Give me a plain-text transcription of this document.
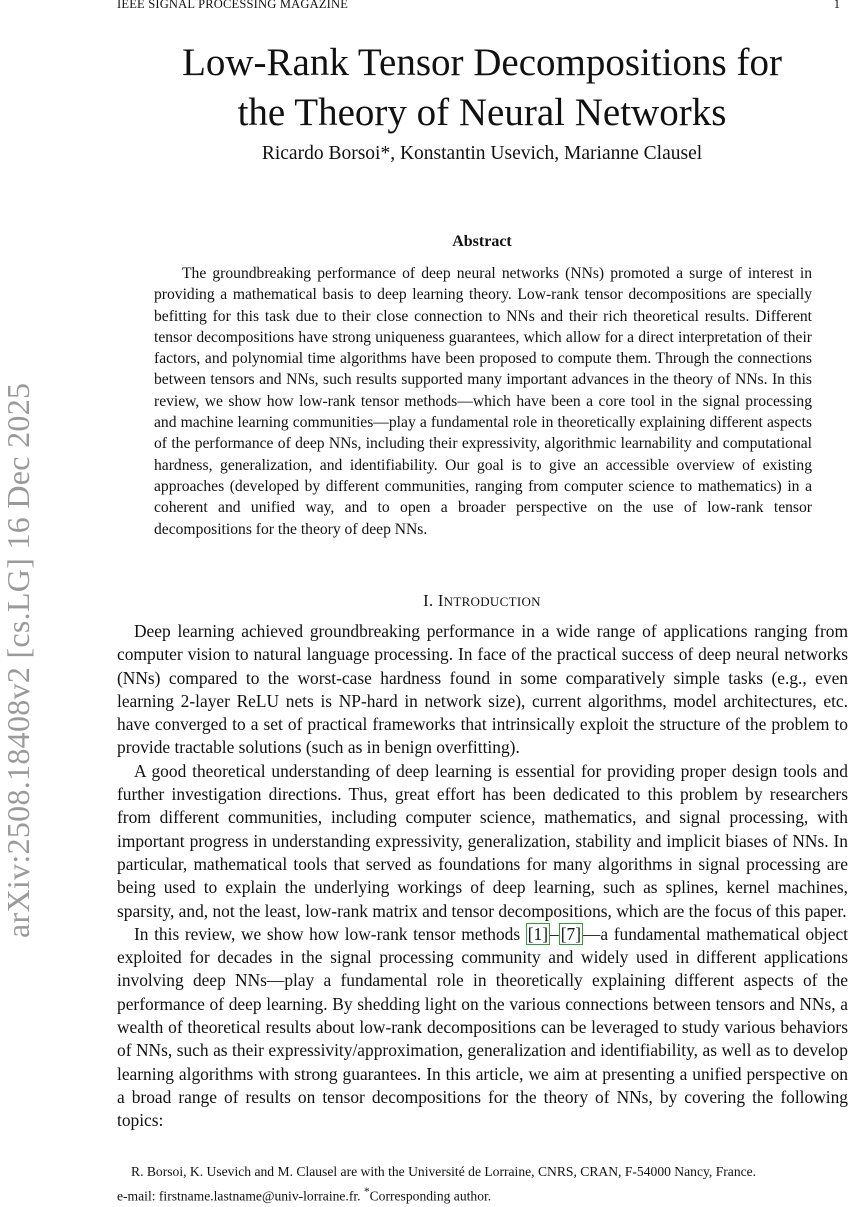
IEEE SIGNAL PROCESSING MAGAZINE	1
arXiv:2508.18408v2 [cs.LG] 16 Dec 2025
Low-Rank Tensor Decompositions for
the Theory of Neural Networks
Ricardo Borsoi*, Konstantin Usevich, Marianne Clausel
Abstract

The groundbreaking performance of deep neural networks (NNs) promoted a surge of interest in providing a mathematical basis to deep learning theory. Low-rank tensor decompositions are specially befitting for this task due to their close connection to NNs and their rich theoretical results. Different tensor decompositions have strong uniqueness guarantees, which allow for a direct interpretation of their factors, and polynomial time algorithms have been proposed to compute them. Through the connections between tensors and NNs, such results supported many important advances in the theory of NNs. In this review, we show how low-rank tensor methods—which have been a core tool in the signal processing and machine learning communities—play a fundamental role in theoretically explaining different aspects of the performance of deep NNs, including their expressivity, algorithmic learnability and computational hardness, generalization, and identifiability. Our goal is to give an accessible overview of existing approaches (developed by different communities, ranging from computer science to mathematics) in a coherent and unified way, and to open a broader perspective on the use of low-rank tensor decompositions for the theory of deep NNs.

I. INTRODUCTION

Deep learning achieved groundbreaking performance in a wide range of applications ranging from computer vision to natural language processing. In face of the practical success of deep neural networks (NNs) compared to the worst-case hardness found in some comparatively simple tasks (e.g., even learning 2-layer ReLU nets is NP-hard in network size), current algorithms, model architectures, etc. have converged to a set of practical frameworks that intrinsically exploit the structure of the problem to provide tractable solutions (such as in benign overfitting).

A good theoretical understanding of deep learning is essential for providing proper design tools and further investigation directions. Thus, great effort has been dedicated to this problem by researchers from different communities, including computer science, mathematics, and signal processing, with important progress in understanding expressivity, generalization, stability and implicit biases of NNs. In particular, mathematical tools that served as foundations for many algorithms in signal processing are being used to explain the underlying workings of deep learning, such as splines, kernel machines, sparsity, and, not the least, low-rank matrix and tensor decompositions, which are the focus of this paper.

In this review, we show how low-rank tensor methods [1] – [7] —a fundamental mathematical object exploited for decades in the signal processing community and widely used in different applications involving deep NNs—play a fundamental role in theoretically explaining different aspects of the performance of deep learning. By shedding light on the various connections between tensors and NNs, a wealth of theoretical results about low-rank decompositions can be leveraged to study various behaviors of NNs, such as their expressivity/approximation, generalization and identifiability, as well as to develop learning algorithms with strong guarantees. In this article, we aim at presenting a unified perspective on a broad range of results on tensor decompositions for the theory of NNs, by covering the following topics:

R. Borsoi, K. Usevich and M. Clausel are with the Université de Lorraine, CNRS, CRAN, F-54000 Nancy, France.
e-mail: firstname.lastname@univ-lorraine.fr. *Corresponding author.
